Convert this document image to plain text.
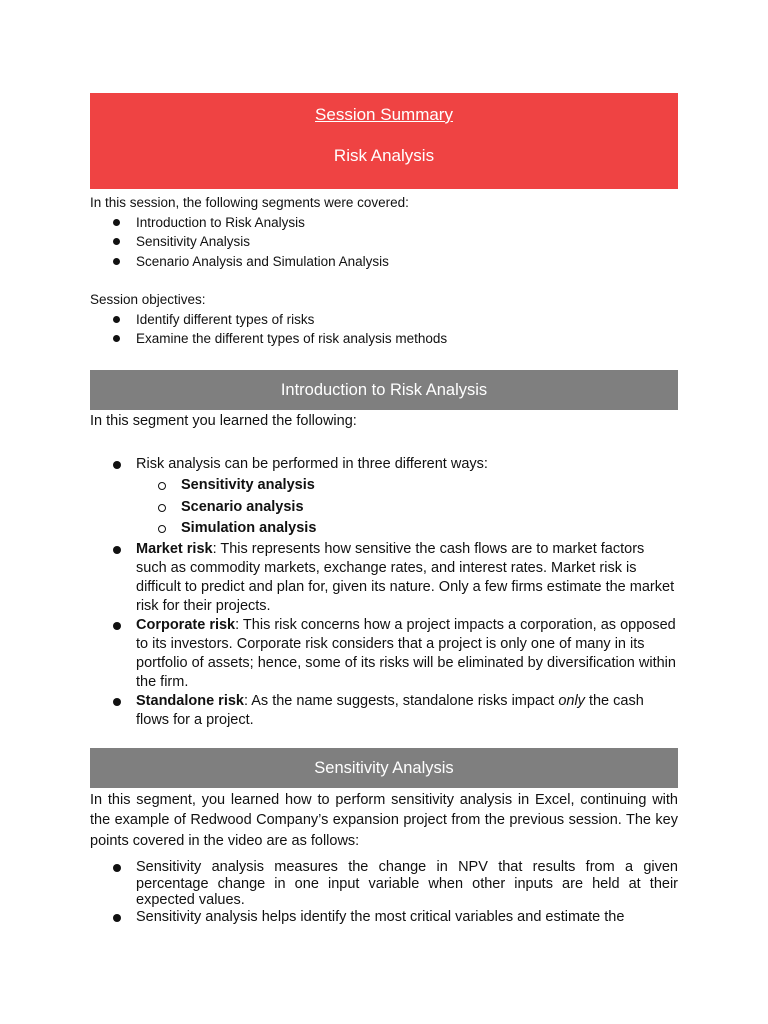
Session Summary
Risk Analysis
In this session, the following segments were covered:
Introduction to Risk Analysis
Sensitivity Analysis
Scenario Analysis and Simulation Analysis
Session objectives:
Identify different types of risks
Examine the different types of risk analysis methods
Introduction to Risk Analysis
In this segment you learned the following:
Risk analysis can be performed in three different ways:
Sensitivity analysis
Scenario analysis
Simulation analysis
Market risk: This represents how sensitive the cash flows are to market factors such as commodity markets, exchange rates, and interest rates. Market risk is difficult to predict and plan for, given its nature. Only a few firms estimate the market risk for their projects.
Corporate risk: This risk concerns how a project impacts a corporation, as opposed to its investors. Corporate risk considers that a project is only one of many in its portfolio of assets; hence, some of its risks will be eliminated by diversification within the firm.
Standalone risk: As the name suggests, standalone risks impact only the cash flows for a project.
Sensitivity Analysis
In this segment, you learned how to perform sensitivity analysis in Excel, continuing with the example of Redwood Company’s expansion project from the previous session. The key points covered in the video are as follows:
Sensitivity analysis measures the change in NPV that results from a given percentage change in one input variable when other inputs are held at their expected values.
Sensitivity analysis helps identify the most critical variables and estimate the
